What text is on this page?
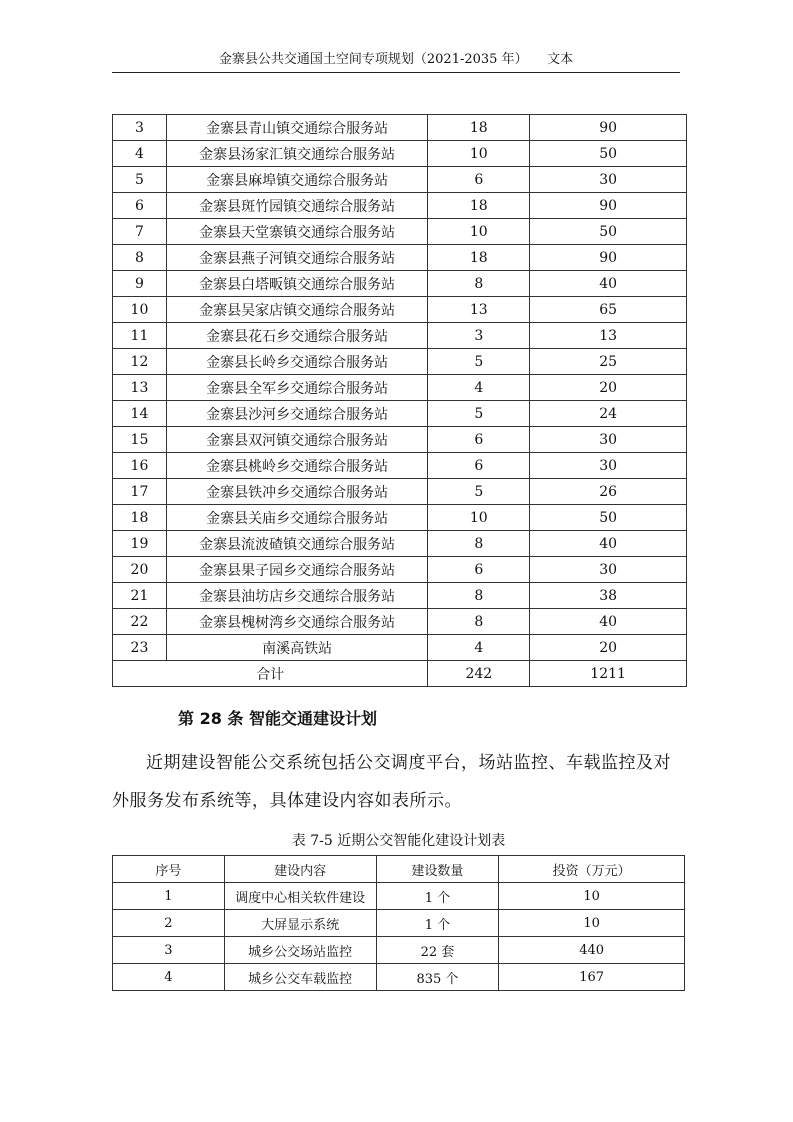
金寨县公共交通国土空间专项规划（2021-2035 年）　　文本
3	金寨县青山镇交通综合服务站	18	90
4	金寨县汤家汇镇交通综合服务站	10	50
5	金寨县麻埠镇交通综合服务站	6	30
6	金寨县斑竹园镇交通综合服务站	18	90
7	金寨县天堂寨镇交通综合服务站	10	50
8	金寨县燕子河镇交通综合服务站	18	90
9	金寨县白塔畈镇交通综合服务站	8	40
10	金寨县吴家店镇交通综合服务站	13	65
11	金寨县花石乡交通综合服务站	3	13
12	金寨县长岭乡交通综合服务站	5	25
13	金寨县全军乡交通综合服务站	4	20
14	金寨县沙河乡交通综合服务站	5	24
15	金寨县双河镇交通综合服务站	6	30
16	金寨县桃岭乡交通综合服务站	6	30
17	金寨县铁冲乡交通综合服务站	5	26
18	金寨县关庙乡交通综合服务站	10	50
19	金寨县流波碴镇交通综合服务站	8	40
20	金寨县果子园乡交通综合服务站	6	30
21	金寨县油坊店乡交通综合服务站	8	38
22	金寨县槐树湾乡交通综合服务站	8	40
23	南溪高铁站	4	20
合计		242	1211
第 28 条 智能交通建设计划
近期建设智能公交系统包括公交调度平台，场站监控、车载监控及对外服务发布系统等，具体建设内容如表所示。
表 7-5 近期公交智能化建设计划表
序号	建设内容	建设数量	投资（万元）
1	调度中心相关软件建设	1 个	10
2	大屏显示系统	1 个	10
3	城乡公交场站监控	22 套	440
4	城乡公交车载监控	835 个	167
